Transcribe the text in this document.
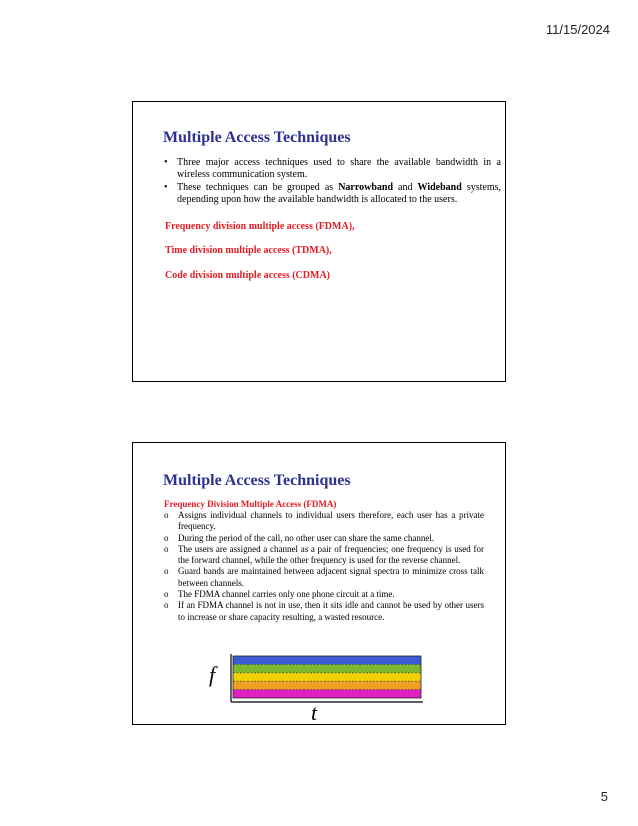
11/15/2024
Multiple Access Techniques
• Three major access techniques used to share the available bandwidth in a wireless communication system.
• These techniques can be grouped as Narrowband and Wideband systems, depending upon how the available bandwidth is allocated to the users.
Frequency division multiple access (FDMA),
Time division multiple access (TDMA),
Code division multiple access (CDMA)
Multiple Access Techniques
Frequency Division Multiple Access (FDMA)
o Assigns individual channels to individual users therefore, each user has a private frequency.
o During the period of the call, no other user can share the same channel.
o The users are assigned a channel as a pair of frequencies; one frequency is used for the forward channel, while the other frequency is used for the reverse channel.
o Guard bands are maintained between adjacent signal spectra to minimize cross talk between channels.
o The FDMA channel carries only one phone circuit at a time.
o If an FDMA channel is not in use, then it sits idle and cannot be used by other users to increase or share capacity resulting, a wasted resource.
f
t
5
